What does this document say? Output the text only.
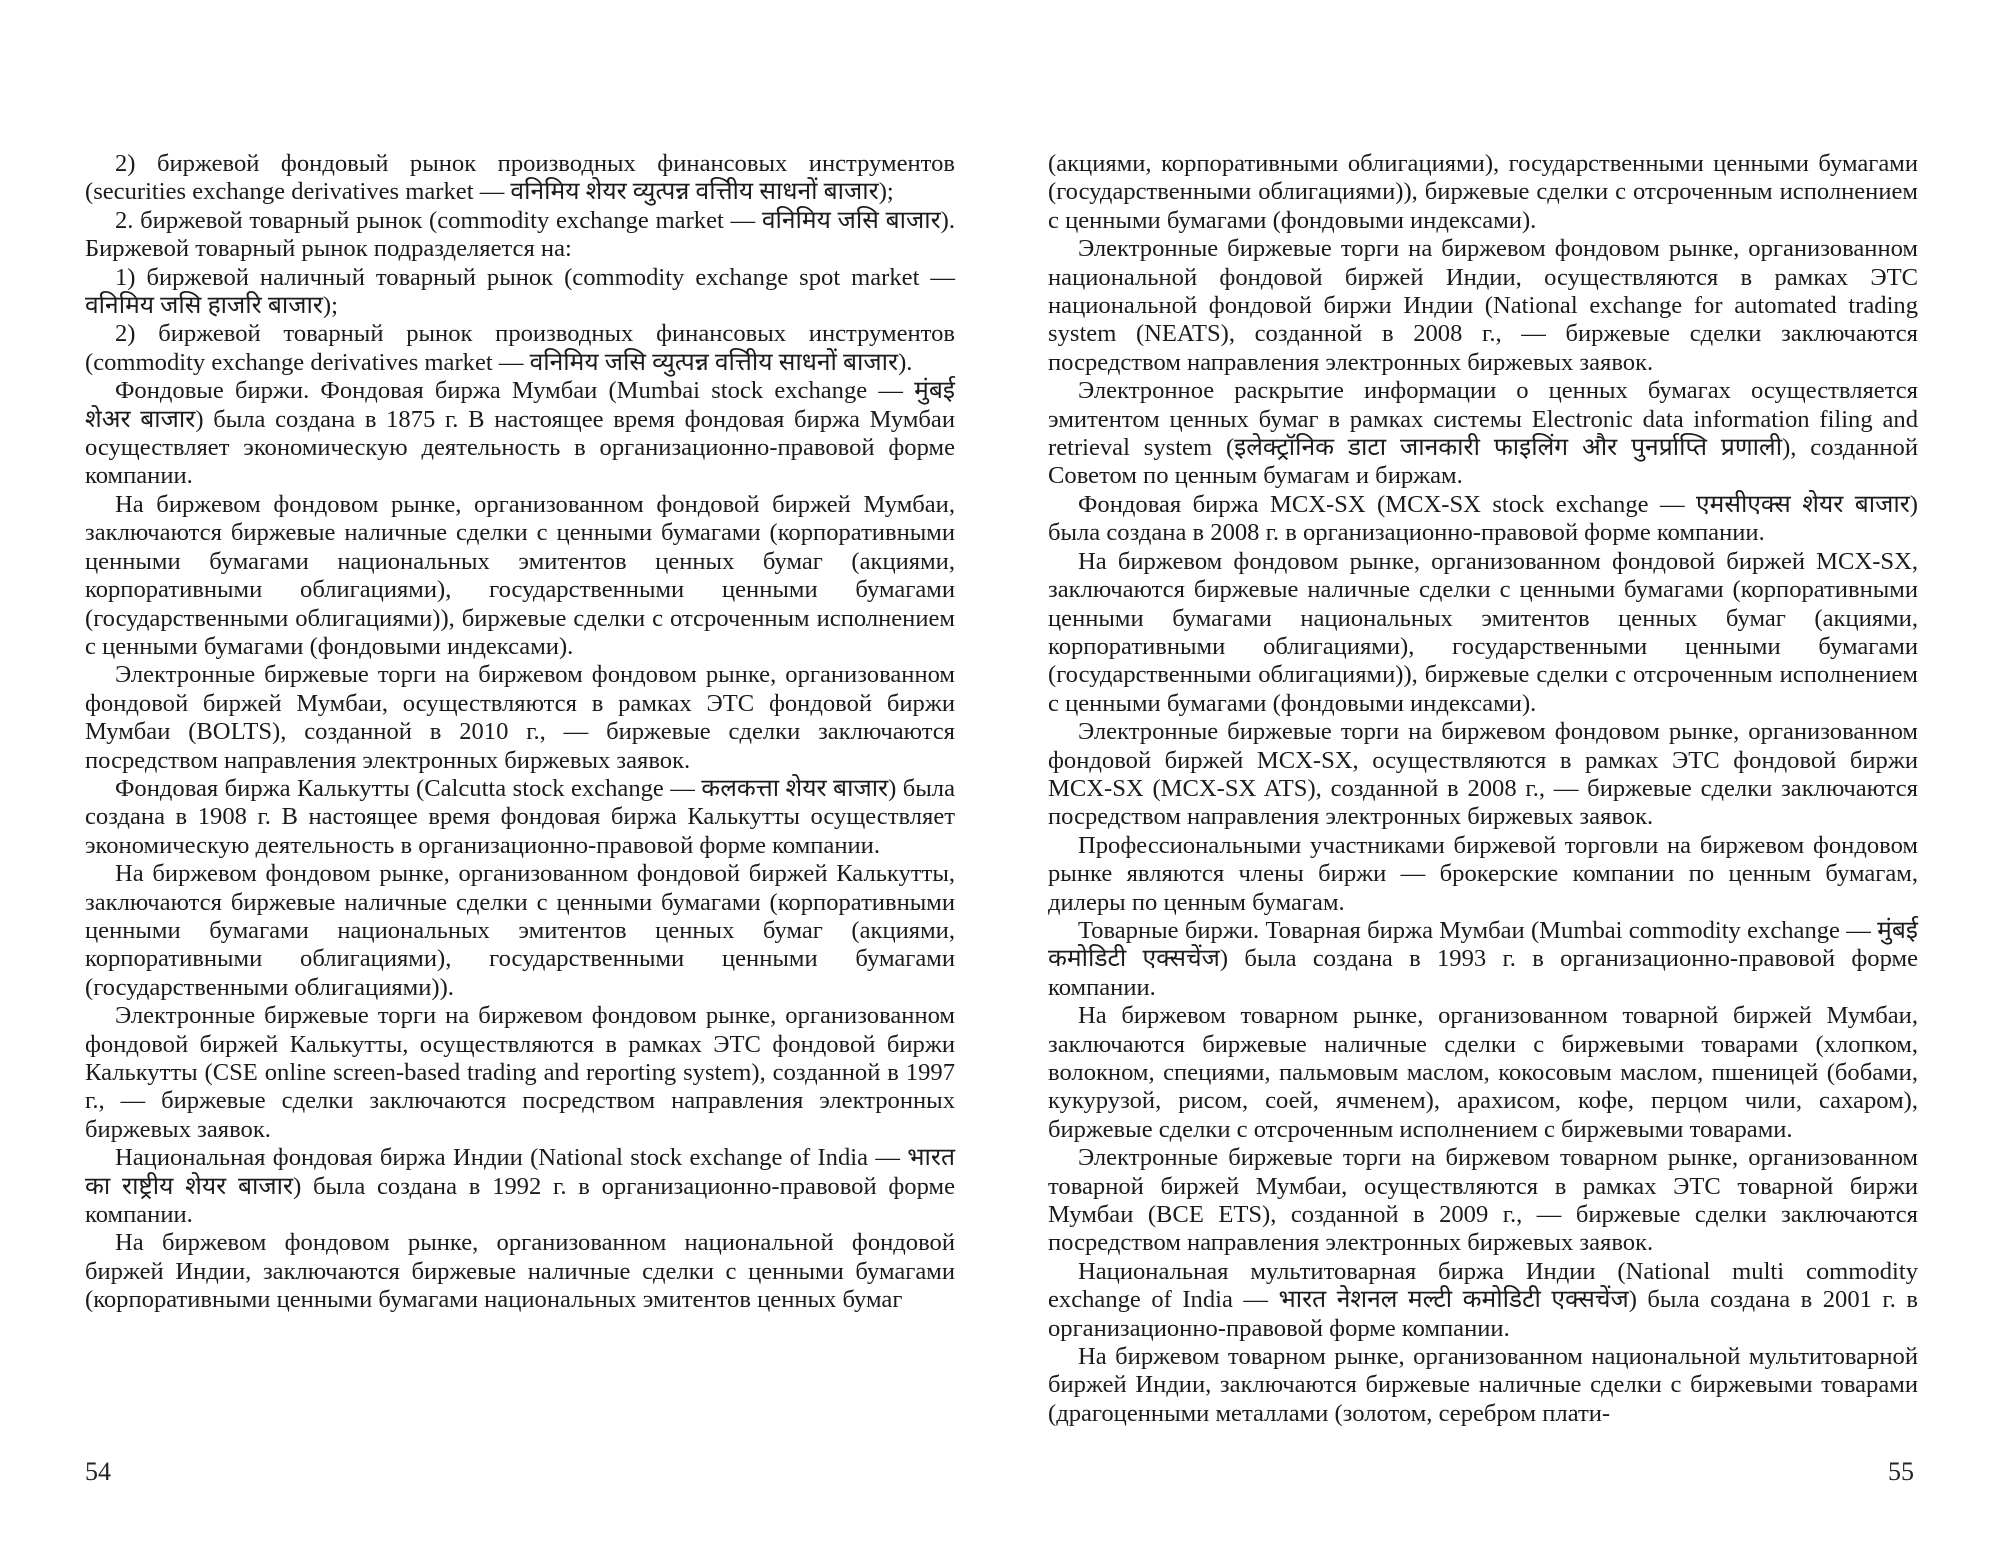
2) биржевой фондовый рынок производных финансовых инструментов (securities exchange derivatives market — वनिमिय शेयर व्युत्पन्न वत्तिीय साधनों बाजार);

2. биржевой товарный рынок (commodity exchange market — वनिमिय जसि बाजार). Биржевой товарный рынок подразделяется на:

1) биржевой наличный товарный рынок (commodity exchange spot market — वनिमिय जसि हाजरि बाजार);

2) биржевой товарный рынок производных финансовых инструментов (commodity exchange derivatives market — वनिमिय जसि व्युत्पन्न वत्तिीय साधनों बाजार).

Фондовые биржи. Фондовая биржа Мумбаи (Mumbai stock exchange — मुंबई शेअर बाजार) была создана в 1875 г. В настоящее время фондовая биржа Мумбаи осуществляет экономическую деятельность в организационно-правовой форме компании.

На биржевом фондовом рынке, организованном фондовой биржей Мумбаи, заключаются биржевые наличные сделки с ценными бумагами (корпоративными ценными бумагами национальных эмитентов ценных бумаг (акциями, корпоративными облигациями), государственными ценными бумагами (государственными облигациями)), биржевые сделки с отсроченным исполнением с ценными бумагами (фондовыми индексами).

Электронные биржевые торги на биржевом фондовом рынке, организованном фондовой биржей Мумбаи, осуществляются в рамках ЭТС фондовой биржи Мумбаи (BOLTS), созданной в 2010 г., — биржевые сделки заключаются посредством направления электронных биржевых заявок.

Фондовая биржа Калькутты (Calcutta stock exchange — कलकत्ता शेयर बाजार) была создана в 1908 г. В настоящее время фондовая биржа Калькутты осуществляет экономическую деятельность в организационно-правовой форме компании.

На биржевом фондовом рынке, организованном фондовой биржей Калькутты, заключаются биржевые наличные сделки с ценными бумагами (корпоративными ценными бумагами национальных эмитентов ценных бумаг (акциями, корпоративными облигациями), государственными ценными бумагами (государственными облигациями)).

Электронные биржевые торги на биржевом фондовом рынке, организованном фондовой биржей Калькутты, осуществляются в рамках ЭТС фондовой биржи Калькутты (CSE online screen-based trading and reporting system), созданной в 1997 г., — биржевые сделки заключаются посредством направления электронных биржевых заявок.

Национальная фондовая биржа Индии (National stock exchange of India — भारत का राष्ट्रीय शेयर बाजार) была создана в 1992 г. в организационно-правовой форме компании.

На биржевом фондовом рынке, организованном национальной фондовой биржей Индии, заключаются биржевые наличные сделки с ценными бумагами (корпоративными ценными бумагами национальных эмитентов ценных бумаг

(акциями, корпоративными облигациями), государственными ценными бумагами (государственными облигациями)), биржевые сделки с отсроченным исполнением с ценными бумагами (фондовыми индексами).

Электронные биржевые торги на биржевом фондовом рынке, организованном национальной фондовой биржей Индии, осуществляются в рамках ЭТС национальной фондовой биржи Индии (National exchange for automated trading system (NEATS), созданной в 2008 г., — биржевые сделки заключаются посредством направления электронных биржевых заявок.

Электронное раскрытие информации о ценных бумагах осуществляется эмитентом ценных бумаг в рамках системы Electronic data information filing and retrieval system (इलेक्ट्रॉनिक डाटा जानकारी फाइलिंग और पुनर्प्राप्ति प्रणाली), созданной Советом по ценным бумагам и биржам.

Фондовая биржа MCX-SX (MCX-SX stock exchange — एमसीएक्स शेयर बाजार) была создана в 2008 г. в организационно-правовой форме компании.

На биржевом фондовом рынке, организованном фондовой биржей MCX-SX, заключаются биржевые наличные сделки с ценными бумагами (корпоративными ценными бумагами национальных эмитентов ценных бумаг (акциями, корпоративными облигациями), государственными ценными бумагами (государственными облигациями)), биржевые сделки с отсроченным исполнением с ценными бумагами (фондовыми индексами).

Электронные биржевые торги на биржевом фондовом рынке, организованном фондовой биржей MCX-SX, осуществляются в рамках ЭТС фондовой биржи MCX-SX (MCX-SX ATS), созданной в 2008 г., — биржевые сделки заключаются посредством направления электронных биржевых заявок.

Профессиональными участниками биржевой торговли на биржевом фондовом рынке являются члены биржи — брокерские компании по ценным бумагам, дилеры по ценным бумагам.

Товарные биржи. Товарная биржа Мумбаи (Mumbai commodity exchange — मुंबई कमोडिटी एक्सचेंज) была создана в 1993 г. в организационно-правовой форме компании.

На биржевом товарном рынке, организованном товарной биржей Мумбаи, заключаются биржевые наличные сделки с биржевыми товарами (хлопком, волокном, специями, пальмовым маслом, кокосовым маслом, пшеницей (бобами, кукурузой, рисом, соей, ячменем), арахисом, кофе, перцом чили, сахаром), биржевые сделки с отсроченным исполнением с биржевыми товарами.

Электронные биржевые торги на биржевом товарном рынке, организованном товарной биржей Мумбаи, осуществляются в рамках ЭТС товарной биржи Мумбаи (BCE ETS), созданной в 2009 г., — биржевые сделки заключаются посредством направления электронных биржевых заявок.

Национальная мультитоварная биржа Индии (National multi commodity exchange of India — भारत नेशनल मल्टी कमोडिटी एक्सचेंज) была создана в 2001 г. в организационно-правовой форме компании.

На биржевом товарном рынке, организованном национальной мультитоварной биржей Индии, заключаются биржевые наличные сделки с биржевыми товарами (драгоценными металлами (золотом, серебром плати-

54	55
